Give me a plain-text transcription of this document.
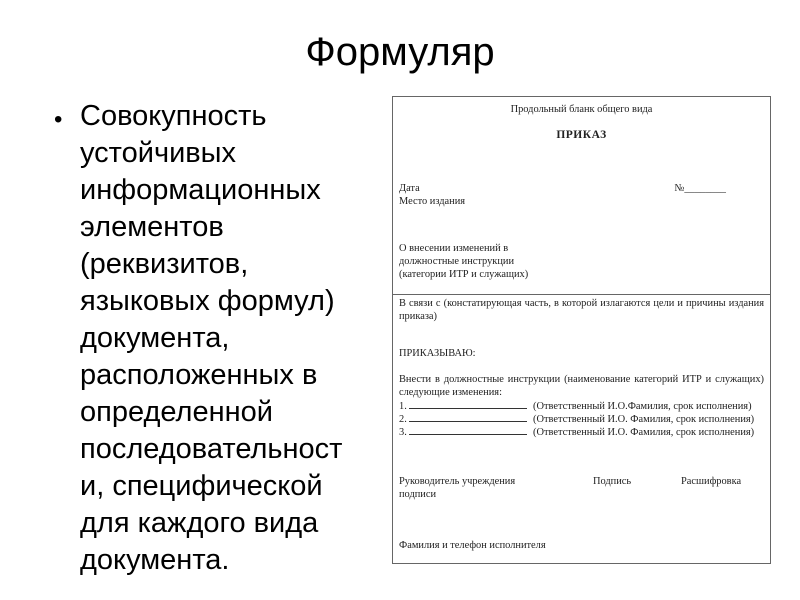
Формуляр
• Совокупность
устойчивых
информационных
элементов
(реквизитов,
языковых формул)
документа,
расположенных в
определенной
последовательност
и, специфической
для каждого вида
документа.
Продольный бланк общего вида
ПРИКАЗ
Дата	№________
Место издания
О внесении изменений в
должностные инструкции
(категории ИТР и служащих)
В связи с (констатирующая часть, в которой излагаются цели и причины издания приказа)
ПРИКАЗЫВАЮ:
Внести в должностные инструкции (наименование категорий ИТР и служащих) следующие изменения:
1.	(Ответственный И.О.Фамилия, срок исполнения)
2.	(Ответственный И.О. Фамилия, срок исполнения)
3.	(Ответственный И.О. Фамилия, срок исполнения)
Руководитель учреждения	Подпись	Расшифровка
подписи
Фамилия и телефон исполнителя
